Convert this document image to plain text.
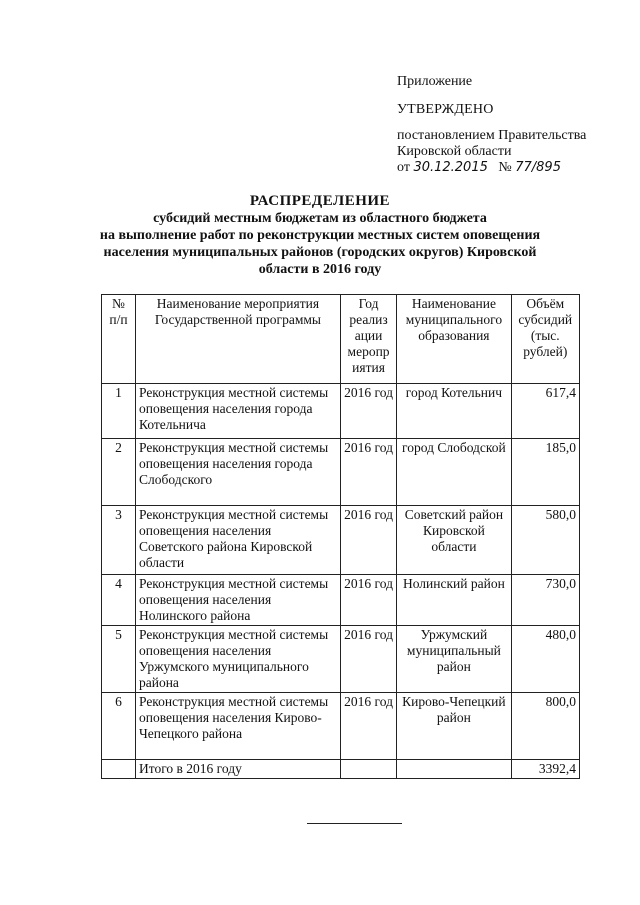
Приложение
УТВЕРЖДЕНО
постановлением Правительства
Кировской области
от 30.12.2015 № 77/895
РАСПРЕДЕЛЕНИЕ
субсидий местным бюджетам из областного бюджета
на выполнение работ по реконструкции местных систем оповещения
населения муниципальных районов (городских округов) Кировской
области в 2016 году
№ п/п	Наименование мероприятия Государственной программы	Год реализ ации меропр иятия	Наименование муниципального образования	Объём субсидий (тыс. рублей)
1	Реконструкция местной системы оповещения населения города Котельнича	2016 год	город Котельнич	617,4
2	Реконструкция местной системы оповещения населения города Слободского	2016 год	город Слободской	185,0
3	Реконструкция местной системы оповещения населения Советского района Кировской области	2016 год	Советский район Кировской области	580,0
4	Реконструкция местной системы оповещения населения Нолинского района	2016 год	Нолинский район	730,0
5	Реконструкция местной системы оповещения населения Уржумского муниципального района	2016 год	Уржумский муниципальный район	480,0
6	Реконструкция местной системы оповещения населения Кирово-Чепецкого района	2016 год	Кирово-Чепецкий район	800,0
	Итого в 2016 году			3392,4
